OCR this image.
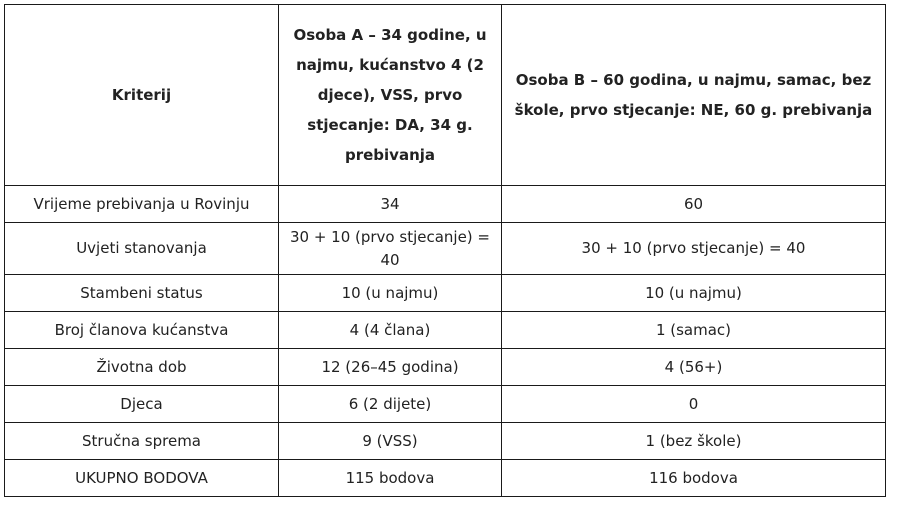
Kriterij	Osoba A – 34 godine, u najmu, kućanstvo 4 (2 djece), VSS, prvo stjecanje: DA, 34 g. prebivanja	Osoba B – 60 godina, u najmu, samac, bez škole, prvo stjecanje: NE, 60 g. prebivanja
Vrijeme prebivanja u Rovinju	34	60
Uvjeti stanovanja	30 + 10 (prvo stjecanje) = 40	30 + 10 (prvo stjecanje) = 40
Stambeni status	10 (u najmu)	10 (u najmu)
Broj članova kućanstva	4 (4 člana)	1 (samac)
Životna dob	12 (26–45 godina)	4 (56+)
Djeca	6 (2 dijete)	0
Stručna sprema	9 (VSS)	1 (bez škole)
UKUPNO BODOVA	115 bodova	116 bodova
